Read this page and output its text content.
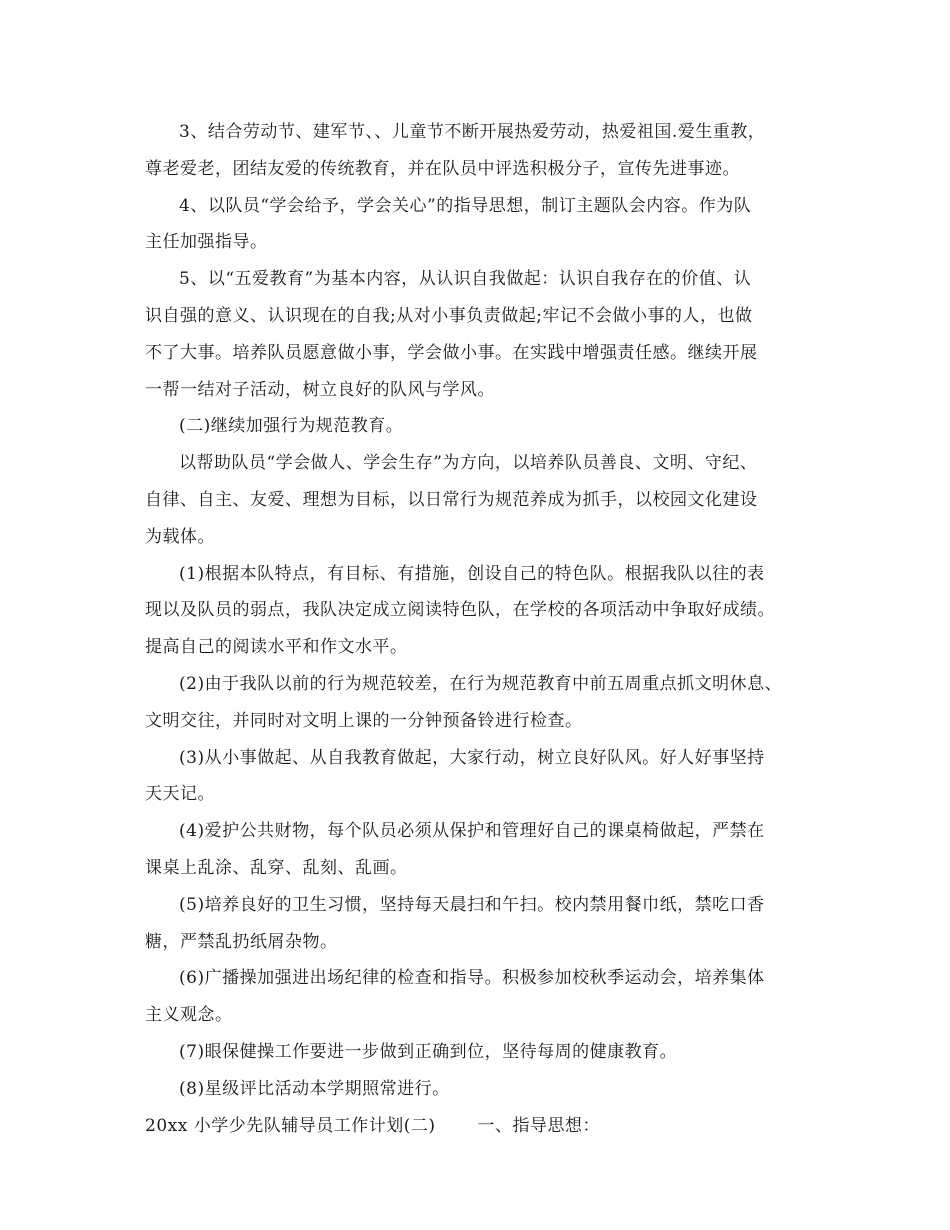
3、结合劳动节、建军节、、儿童节不断开展热爱劳动，热爱祖国.爱生重教，
尊老爱老，团结友爱的传统教育，并在队员中评选积极分子，宣传先进事迹。
4、以队员“学会给予，学会关心”的指导思想，制订主题队会内容。作为队
主任加强指导。
5、以“五爱教育”为基本内容，从认识自我做起：认识自我存在的价值、认
识自强的意义、认识现在的自我;从对小事负责做起;牢记不会做小事的人，也做
不了大事。培养队员愿意做小事，学会做小事。在实践中增强责任感。继续开展
一帮一结对子活动，树立良好的队风与学风。
(二)继续加强行为规范教育。
以帮助队员“学会做人、学会生存”为方向，以培养队员善良、文明、守纪、
自律、自主、友爱、理想为目标，以日常行为规范养成为抓手，以校园文化建设
为载体。
(1)根据本队特点，有目标、有措施，创设自己的特色队。根据我队以往的表
现以及队员的弱点，我队决定成立阅读特色队，在学校的各项活动中争取好成绩。
提高自己的阅读水平和作文水平。
(2)由于我队以前的行为规范较差，在行为规范教育中前五周重点抓文明休息、
文明交往，并同时对文明上课的一分钟预备铃进行检查。
(3)从小事做起、从自我教育做起，大家行动，树立良好队风。好人好事坚持
天天记。
(4)爱护公共财物，每个队员必须从保护和管理好自己的课桌椅做起，严禁在
课桌上乱涂、乱穿、乱刻、乱画。
(5)培养良好的卫生习惯，坚持每天晨扫和午扫。校内禁用餐巾纸，禁吃口香
糖，严禁乱扔纸屑杂物。
(6)广播操加强进出场纪律的检查和指导。积极参加校秋季运动会，培养集体
主义观念。
(7)眼保健操工作要进一步做到正确到位，坚待每周的健康教育。
(8)星级评比活动本学期照常进行。
20xx 小学少先队辅导员工作计划(二) 一、指导思想：
